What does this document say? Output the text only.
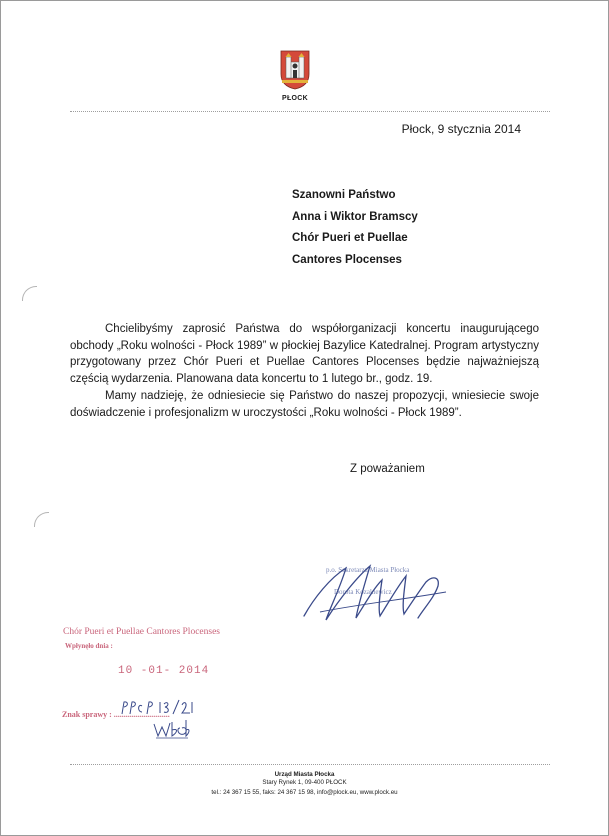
PŁOCK
Płock, 9 stycznia 2014
Szanowni Państwo
Anna i Wiktor Bramscy
Chór Pueri et Puellae
Cantores Plocenses

Chcielibyśmy zaprosić Państwa do współorganizacji koncertu inaugurującego obchody „Roku wolności - Płock 1989” w płockiej Bazylice Katedralnej. Program artystyczny przygotowany przez Chór Pueri et Puellae Cantores Plocenses będzie najważniejszą częścią wydarzenia. Planowana data koncertu to 1 lutego br., godz. 19.

Mamy nadzieję, że odniesiecie się Państwo do naszej propozycji, wniesiecie swoje doświadczenie i profesjonalizm w uroczystości „Roku wolności - Płock 1989”.

Z poważaniem
p.o. Sekretarza Miasta Płocka
Dorota Kozakiewicz
Chór Pueri et Puellae Cantores Plocenses
Wpłynęło dnia :
10 -01- 2014
Znak sprawy : ............................
Urząd Miasta Płocka
Stary Rynek 1, 09-400 PŁOCK
tel.: 24 367 15 55, faks: 24 367 15 98, info@plock.eu, www.plock.eu
